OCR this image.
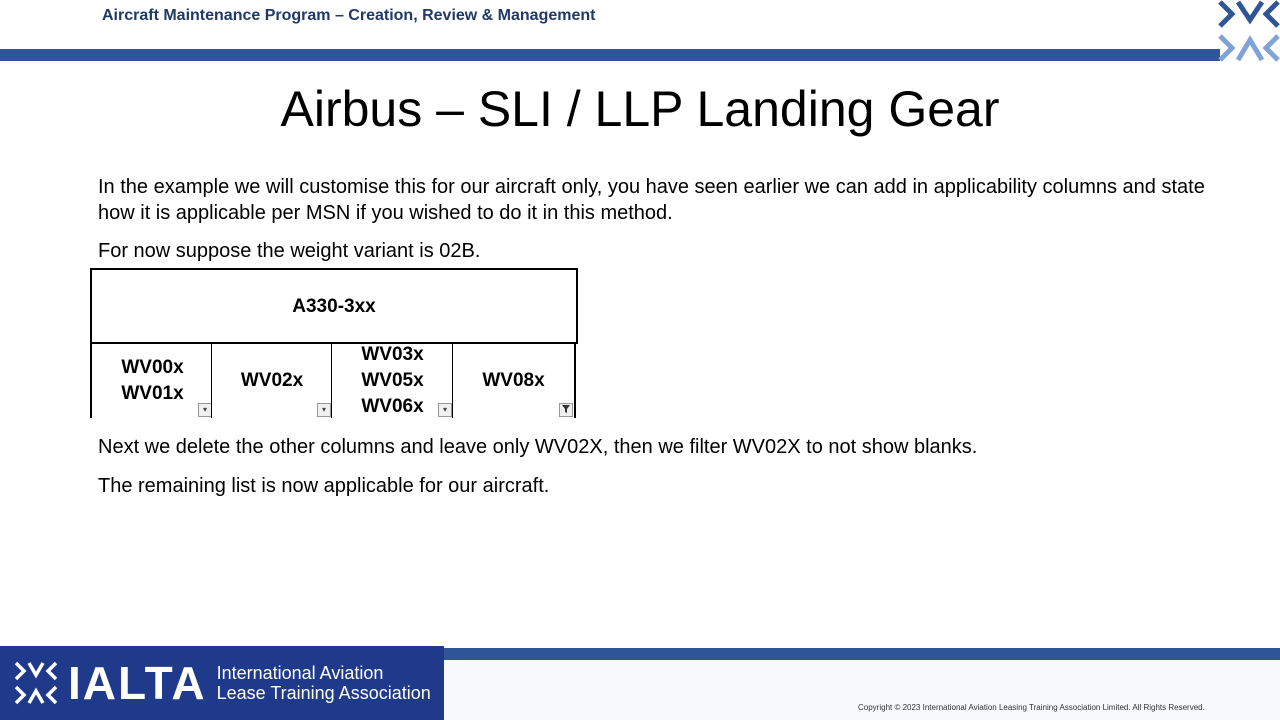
Aircraft Maintenance Program – Creation, Review & Management
Airbus – SLI / LLP Landing Gear
In the example we will customise this for our aircraft only, you have seen earlier we can add in applicability columns and state how it is applicable per MSN if you wished to do it in this method.
For now suppose the weight variant is 02B.
A330-3xx
WV00x
WV01x
▾
WV02x
▾
WV03x
WV05x
WV06x	▾
WV08x
Next we delete the other columns and leave only WV02X, then we filter WV02X to not show blanks.
The remaining list is now applicable for our aircraft.
IALTA International Aviation
Lease Training Association
Copyright © 2023 International Aviation Leasing Training Association Limited. All Rights Reserved.
